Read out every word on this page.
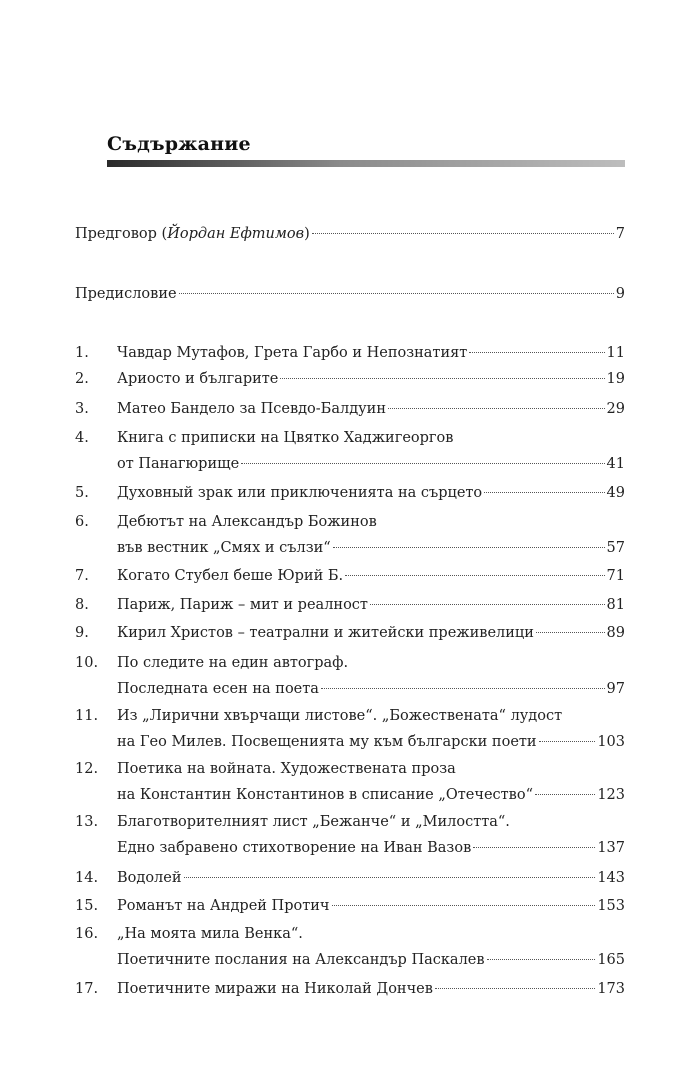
Съдържание
Предговор ( Йордан Ефтимов )	7
Предисловие	9
1. Чавдар Мутафов, Грета Гарбо и Непознатият	11
2. Ариосто и българите	19
3. Матео Бандело за Псевдо-Балдуин	29
4. Книга с приписки на Цвятко Хаджигеоргов
от Панагюрище	41
5. Духовный зрак или приключенията на сърцето	49
6. Дебютът на Александър Божинов
във вестник „Смях и сълзи“	57
7. Когато Стубел беше Юрий Б.	71
8. Париж, Париж – мит и реалност	81
9. Кирил Христов – театрални и житейски преживелици	89
10. По следите на един автограф.
Последната есен на поета	97
11. Из „Лирични хвърчащи листове“. „Божествената“ лудост
на Гео Милев. Посвещенията му към български поети	103
12. Поетика на войната. Художествената проза
на Константин Константинов в списание „Отечество“	123
13. Благотворителният лист „Бежанче“ и „Милостта“.
Едно забравено стихотворение на Иван Вазов	137
14. Водолей	143
15. Романът на Андрей Протич	153
16. „На моята мила Венка“.
Поетичните послания на Александър Паскалев	165
17. Поетичните миражи на Николай Дончев	173
